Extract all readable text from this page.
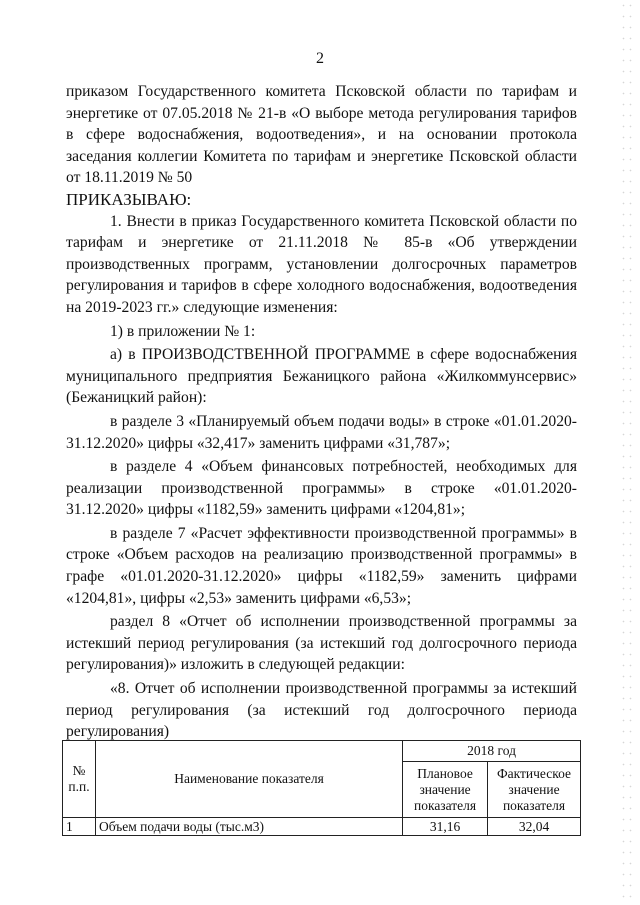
2

приказом Государственного комитета Псковской области по тарифам и энергетике от 07.05.2018 № 21-в «О выборе метода регулирования тарифов в сфере водоснабжения, водоотведения», и на основании протокола заседания коллегии Комитета по тарифам и энергетике Псковской области от 18.11.2019 № 50

ПРИКАЗЫВАЮ:

1. Внести в приказ Государственного комитета Псковской области по тарифам и энергетике от 21.11.2018 № 85-в «Об утверждении производственных программ, установлении долгосрочных параметров регулирования и тарифов в сфере холодного водоснабжения, водоотведения на 2019-2023 гг.» следующие изменения:

1) в приложении № 1:

а) в ПРОИЗВОДСТВЕННОЙ ПРОГРАММЕ в сфере водоснабжения муниципального предприятия Бежаницкого района «Жилкоммунсервис» (Бежаницкий район):

в разделе 3 «Планируемый объем подачи воды» в строке «01.01.2020-31.12.2020» цифры «32,417» заменить цифрами «31,787»;

в разделе 4 «Объем финансовых потребностей, необходимых для реализации производственной программы» в строке «01.01.2020-31.12.2020» цифры «1182,59» заменить цифрами «1204,81»;

в разделе 7 «Расчет эффективности производственной программы» в строке «Объем расходов на реализацию производственной программы» в графе «01.01.2020-31.12.2020» цифры «1182,59» заменить цифрами «1204,81», цифры «2,53» заменить цифрами «6,53»;

раздел 8 «Отчет об исполнении производственной программы за истекший период регулирования (за истекший год долгосрочного периода регулирования)» изложить в следующей редакции:

«8. Отчет об исполнении производственной программы за истекший период регулирования (за истекший год долгосрочного периода регулирования)

№ п.п.	Наименование показателя	2018 год	
		Плановое значение показателя	Фактическое значение показателя
1	Объем подачи воды (тыс.м3)	31,16	32,04
